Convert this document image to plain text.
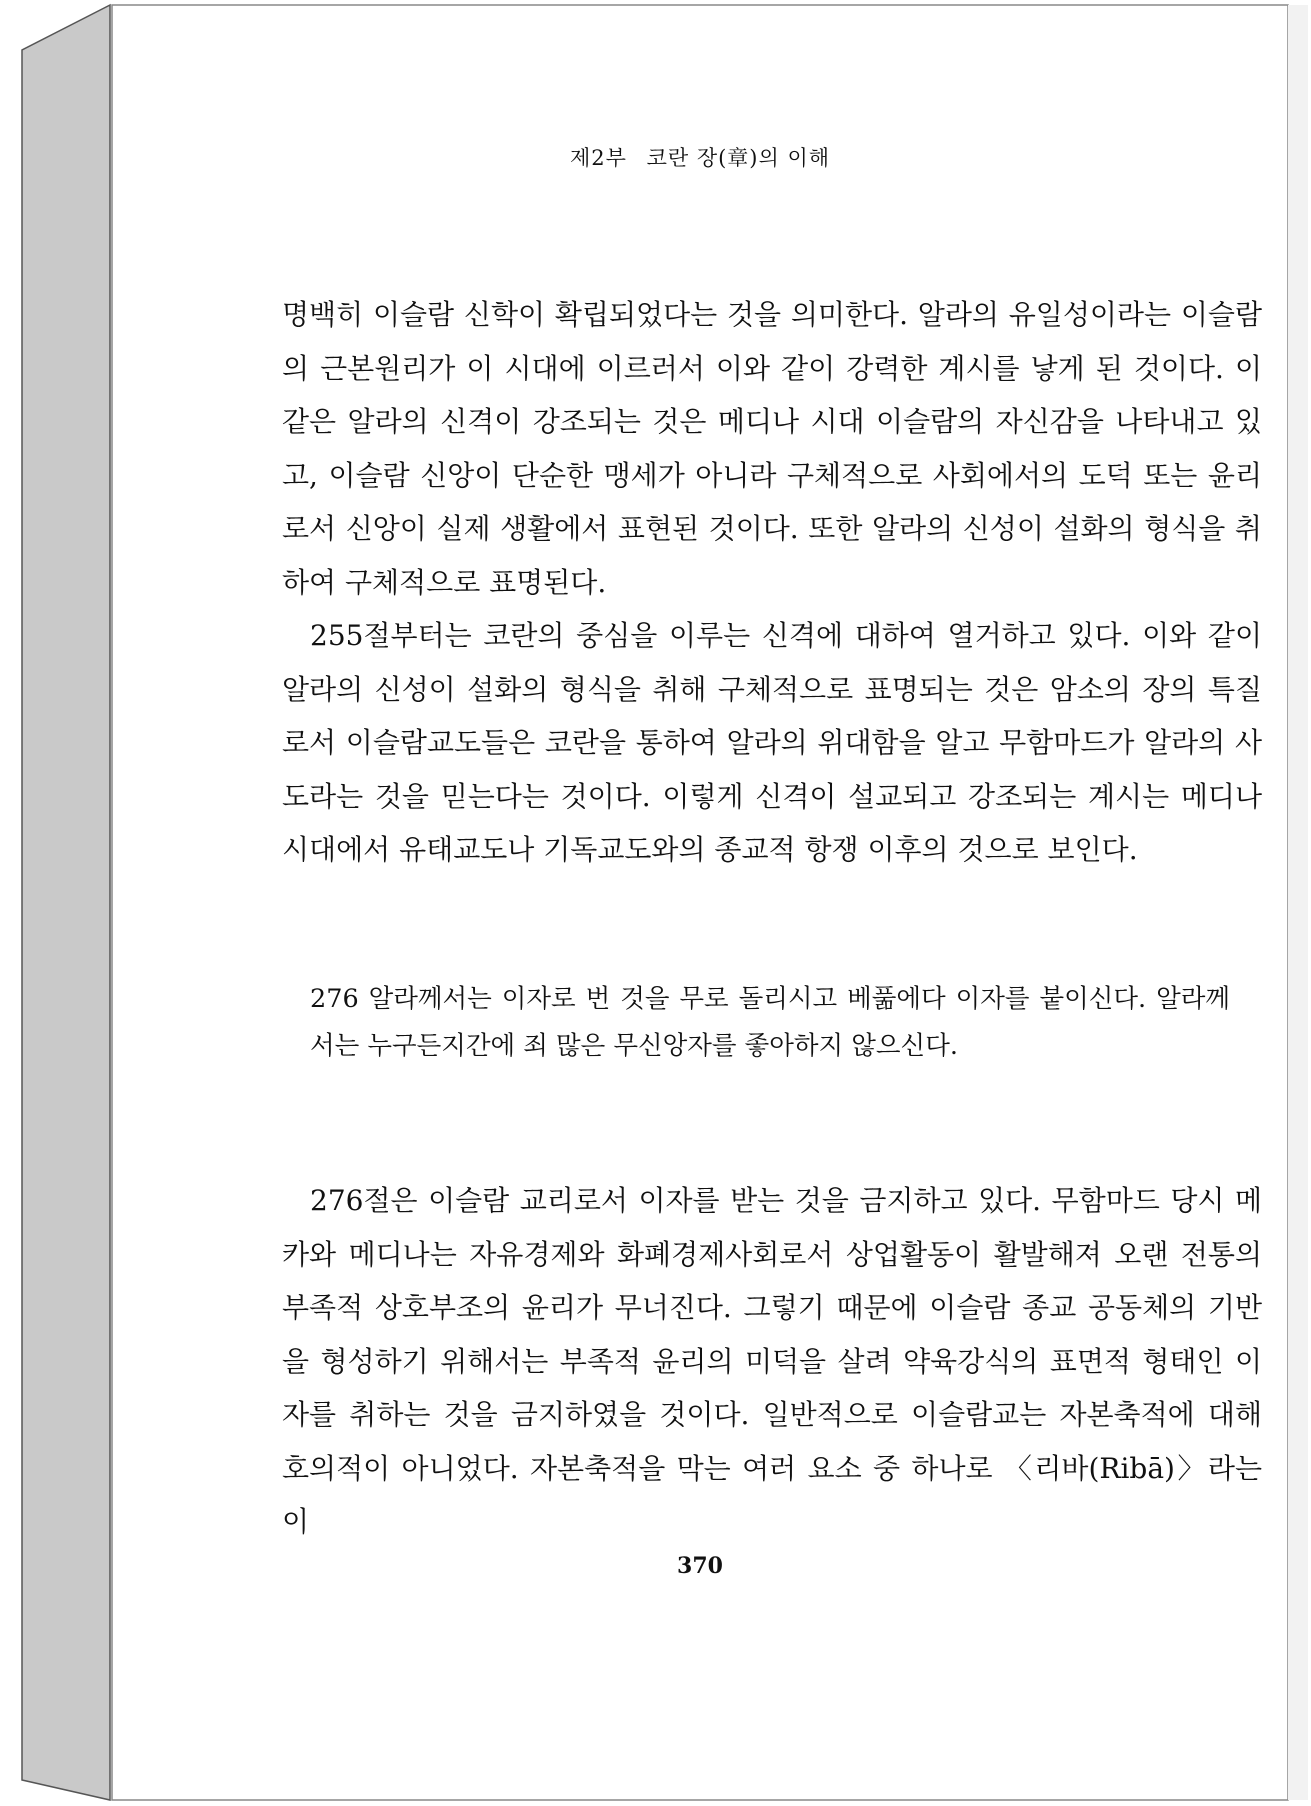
제2부 코란 장(章)의 이해

명백히 이슬람 신학이 확립되었다는 것을 의미한다. 알라의 유일성이라는 이슬람의 근본원리가 이 시대에 이르러서 이와 같이 강력한 계시를 낳게 된 것이다. 이같은 알라의 신격이 강조되는 것은 메디나 시대 이슬람의 자신감을 나타내고 있고, 이슬람 신앙이 단순한 맹세가 아니라 구체적으로 사회에서의 도덕 또는 윤리로서 신앙이 실제 생활에서 표현된 것이다. 또한 알라의 신성이 설화의 형식을 취하여 구체적으로 표명된다.

255절부터는 코란의 중심을 이루는 신격에 대하여 열거하고 있다. 이와 같이 알라의 신성이 설화의 형식을 취해 구체적으로 표명되는 것은 암소의 장의 특질로서 이슬람교도들은 코란을 통하여 알라의 위대함을 알고 무함마드가 알라의 사도라는 것을 믿는다는 것이다. 이렇게 신격이 설교되고 강조되는 계시는 메디나 시대에서 유태교도나 기독교도와의 종교적 항쟁 이후의 것으로 보인다.

276 알라께서는 이자로 번 것을 무로 돌리시고 베풂에다 이자를 붙이신다. 알라께서는 누구든지간에 죄 많은 무신앙자를 좋아하지 않으신다.

276절은 이슬람 교리로서 이자를 받는 것을 금지하고 있다. 무함마드 당시 메카와 메디나는 자유경제와 화폐경제사회로서 상업활동이 활발해져 오랜 전통의 부족적 상호부조의 윤리가 무너진다. 그렇기 때문에 이슬람 종교 공동체의 기반을 형성하기 위해서는 부족적 윤리의 미덕을 살려 약육강식의 표면적 형태인 이자를 취하는 것을 금지하였을 것이다. 일반적으로 이슬람교는 자본축적에 대해 호의적이 아니었다. 자본축적을 막는 여러 요소 중 하나로 〈리바(Ribā)〉라는 이

370
